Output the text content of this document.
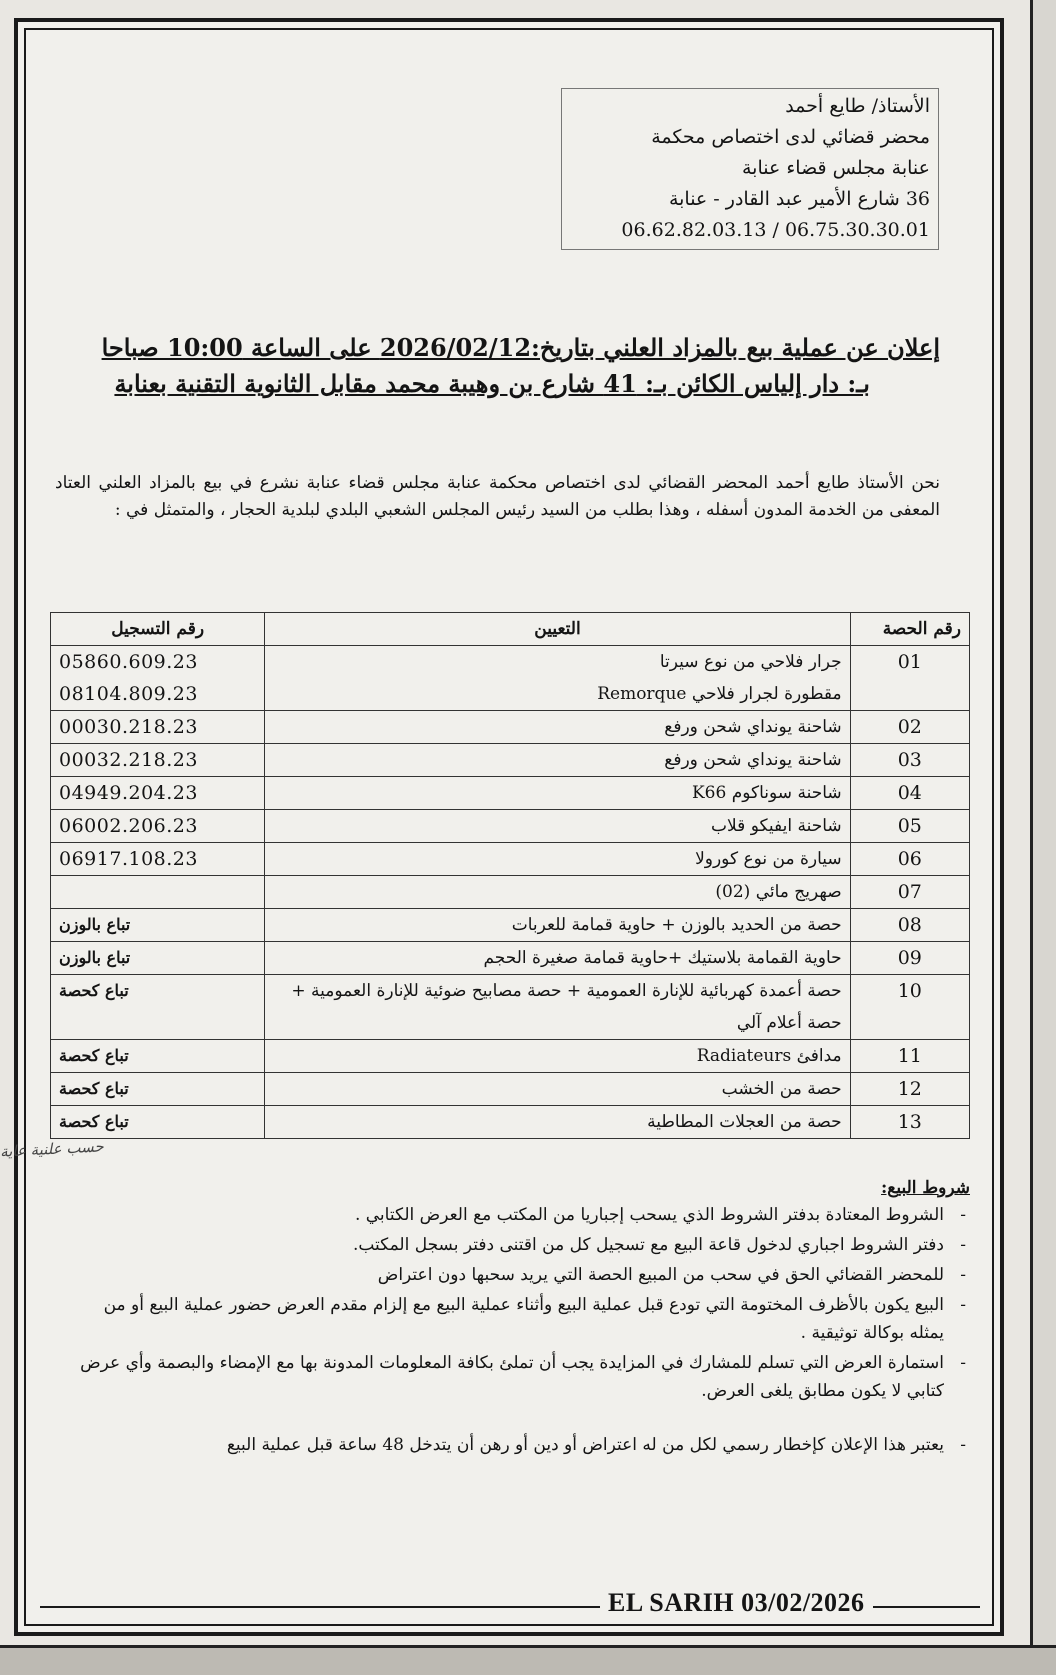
الأستاذ/ طايع أحمد
محضر قضائي لدى اختصاص محكمة
عنابة مجلس قضاء عنابة
36 شارع الأمير عبد القادر - عنابة
06.62.82.03.13 / 06.75.30.30.01
إعلان عن عملية بيع بالمزاد العلني بتاريخ:2026/02/12 على الساعة 10:00 صباحا
بـ: دار إلياس الكائن بـ: 41 شارع بن وهيبة محمد مقابل الثانوية التقنية بعنابة
نحن الأستاذ طايع أحمد المحضر القضائي لدى اختصاص محكمة عنابة مجلس قضاء عنابة نشرع في بيع بالمزاد العلني العتاد المعفى من الخدمة المدون أسفله ، وهذا بطلب من السيد رئيس المجلس الشعبي البلدي لبلدية الحجار ، والمتمثل في :
رقم الحصة	التعيين	رقم التسجيل
01	جرار فلاحي من نوع سيرتا	05860.609.23
	مقطورة لجرار فلاحي Remorque	08104.809.23
02	شاحنة يونداي شحن ورفع	00030.218.23
03	شاحنة يونداي شحن ورفع	00032.218.23
04	شاحنة سوناكوم K66	04949.204.23
05	شاحنة ايفيكو قلاب	06002.206.23
06	سيارة من نوع كورولا	06917.108.23
07	صهريج مائي (02)	
08	حصة من الحديد بالوزن + حاوية قمامة للعربات	تباع بالوزن
09	حاوية القمامة بلاستيك +حاوية قمامة صغيرة الحجم	تباع بالوزن
10	حصة أعمدة كهربائية للإنارة العمومية + حصة مصابيح ضوئية للإنارة العمومية + حصة أعلام آلي	تباع كحصة
11	مدافئ Radiateurs	تباع كحصة
12	حصة من الخشب	تباع كحصة
13	حصة من العجلات المطاطية	تباع كحصة
حسب علنية عاية
شروط البيع:
- الشروط المعتادة بدفتر الشروط الذي يسحب إجباريا من المكتب مع العرض الكتابي .
- دفتر الشروط اجباري لدخول قاعة البيع مع تسجيل كل من اقتنى دفتر بسجل المكتب.
- للمحضر القضائي الحق في سحب من المبيع الحصة التي يريد سحبها دون اعتراض
- البيع يكون بالأظرف المختومة التي تودع قبل عملية البيع وأثناء عملية البيع مع إلزام مقدم العرض حضور عملية البيع أو من يمثله بوكالة توثيقية .
- استمارة العرض التي تسلم للمشارك في المزايدة يجب أن تملئ بكافة المعلومات المدونة بها مع الإمضاء والبصمة وأي عرض كتابي لا يكون مطابق يلغى العرض.
- يعتبر هذا الإعلان كإخطار رسمي لكل من له اعتراض أو دين أو رهن أن يتدخل 48 ساعة قبل عملية البيع
EL SARIH 03/02/2026
